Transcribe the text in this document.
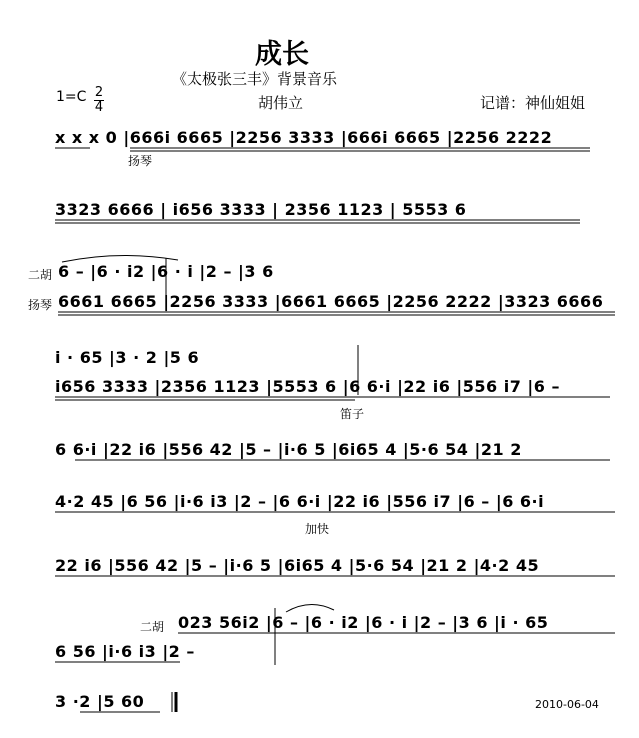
成长
《太极张三丰》背景音乐
胡伟立	记谱：神仙姐姐
$1=C \frac{2}{4}$
x x x 0 |666i 6665 |2256 3333 |666i 6665 |2256 2222
扬琴
3323 6666 | i656 3333 | 2356 1123 | 5553 6
二胡 6 – |6 · i2 |6 · i |2 – |3 6
扬琴 6661 6665 |2256 3333 |6661 6665 |2256 2222 |3323 6666
i · 65 |3 · 2 |5 6
i656 3333 |2356 1123 |5553 6 |6 6·i |22 i6 |556 i7 |6 –
笛子
6 6·i |22 i6 |556 42 |5 – |i·6 5 |6i65 4 |5·6 54 |21 2
4·2 45 |6 56 |i·6 i3 |2 – |6 6·i |22 i6 |556 i7 |6 – |6 6·i
加快
22 i6 |556 42 |5 – |i·6 5 |6i65 4 |5·6 54 |21 2 |4·2 45
二胡 023 56i2 |6 – |6 · i2 |6 · i |2 – |3 6 |i · 65
6 56 |i·6 i3 |2 –
3 ·2 |5 60	2010-06-04
